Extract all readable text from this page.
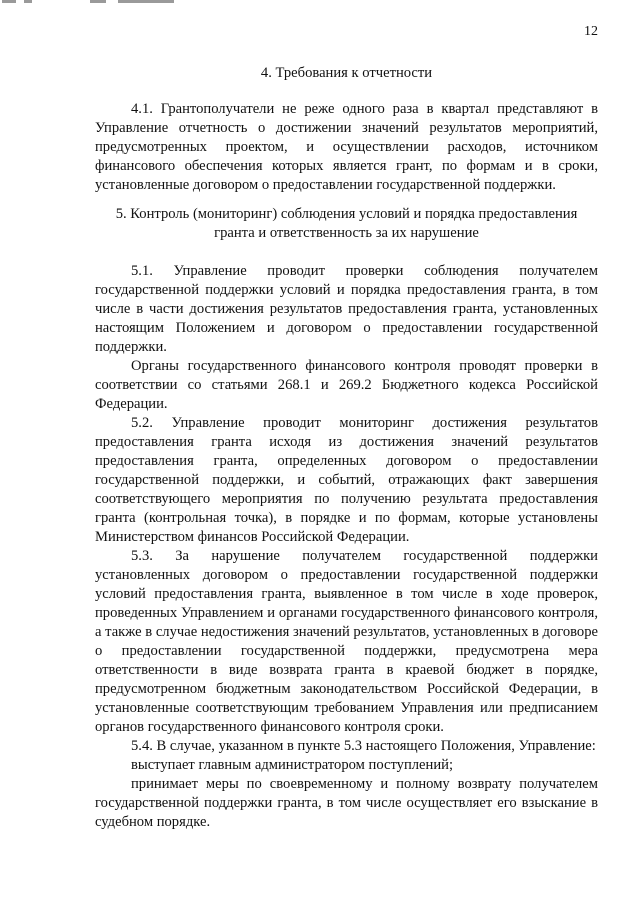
12
4. Требования к отчетности

4.1. Грантополучатели не реже одного раза в квартал представляют в Управление отчетность о достижении значений результатов мероприятий, предусмотренных проектом, и осуществлении расходов, источником финансового обеспечения которых является грант, по формам и в сроки, установленные договором о предоставлении государственной поддержки.

5. Контроль (мониторинг) соблюдения условий и порядка предоставления
гранта и ответственность за их нарушение

5.1. Управление проводит проверки соблюдения получателем государственной поддержки условий и порядка предоставления гранта, в том числе в части достижения результатов предоставления гранта, установленных настоящим Положением и договором о предоставлении государственной поддержки.

Органы государственного финансового контроля проводят проверки в соответствии со статьями 268.1 и 269.2 Бюджетного кодекса Российской Федерации.

5.2. Управление проводит мониторинг достижения результатов предоставления гранта исходя из достижения значений результатов предоставления гранта, определенных договором о предоставлении государственной поддержки, и событий, отражающих факт завершения соответствующего мероприятия по получению результата предоставления гранта (контрольная точка), в порядке и по формам, которые установлены Министерством финансов Российской Федерации.

5.3. За нарушение получателем государственной поддержки установленных договором о предоставлении государственной поддержки условий предоставления гранта, выявленное в том числе в ходе проверок, проведенных Управлением и органами государственного финансового контроля, а также в случае недостижения значений результатов, установленных в договоре о предоставлении государственной поддержки, предусмотрена мера ответственности в виде возврата гранта в краевой бюджет в порядке, предусмотренном бюджетным законодательством Российской Федерации, в установленные соответствующим требованием Управления или предписанием органов государственного финансового контроля сроки.

5.4. В случае, указанном в пункте 5.3 настоящего Положения, Управление:

выступает главным администратором поступлений;

принимает меры по своевременному и полному возврату получателем государственной поддержки гранта, в том числе осуществляет его взыскание в судебном порядке.
